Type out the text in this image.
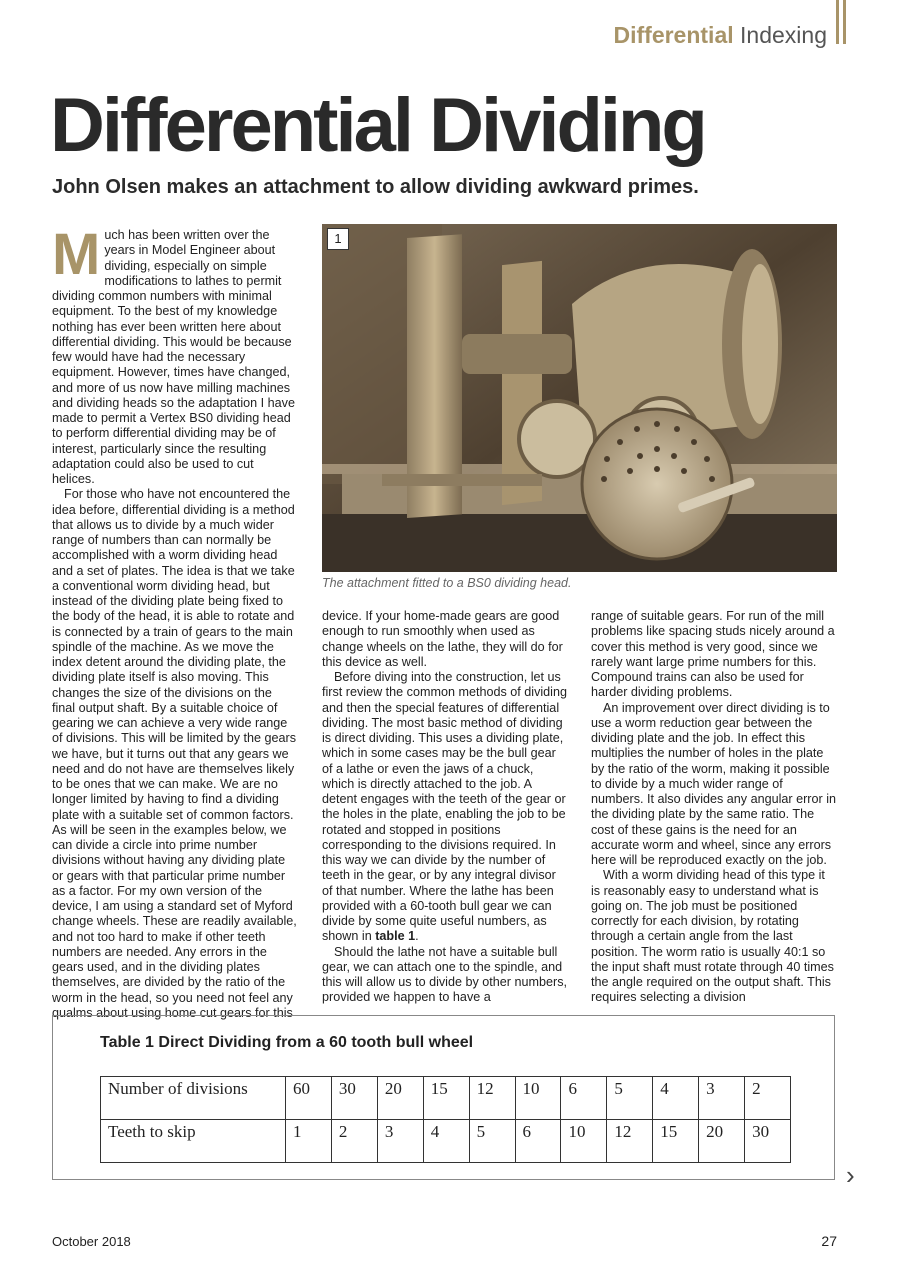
Differential Indexing
Differential Dividing
John Olsen makes an attachment to allow dividing awkward primes.

Much has been written over the years in Model Engineer about dividing, especially on simple modifications to lathes to permit dividing common numbers with minimal equipment. To the best of my knowledge nothing has ever been written here about differential dividing. This would be because few would have had the necessary equipment. However, times have changed, and more of us now have milling machines and dividing heads so the adaptation I have made to permit a Vertex BS0 dividing head to perform differential dividing may be of interest, particularly since the resulting adaptation could also be used to cut helices.

For those who have not encountered the idea before, differential dividing is a method that allows us to divide by a much wider range of numbers than can normally be accomplished with a worm dividing head and a set of plates. The idea is that we take a conventional worm dividing head, but instead of the dividing plate being fixed to the body of the head, it is able to rotate and is connected by a train of gears to the main spindle of the machine. As we move the index detent around the dividing plate, the dividing plate itself is also moving. This changes the size of the divisions on the final output shaft. By a suitable choice of gearing we can achieve a very wide range of divisions. This will be limited by the gears we have, but it turns out that any gears we need and do not have are themselves likely to be ones that we can make. We are no longer limited by having to find a dividing plate with a suitable set of common factors. As will be seen in the examples below, we can divide a circle into prime number divisions without having any dividing plate or gears with that particular prime number as a factor. For my own version of the device, I am using a standard set of Myford change wheels. These are readily available, and not too hard to make if other teeth numbers are needed. Any errors in the gears used, and in the dividing plates themselves, are divided by the ratio of the worm in the head, so you need not feel any qualms about using home cut gears for this

1
The attachment fitted to a BS0 dividing head.

device. If your home-made gears are good enough to run smoothly when used as change wheels on the lathe, they will do for this device as well.

Before diving into the construction, let us first review the common methods of dividing and then the special features of differential dividing. The most basic method of dividing is direct dividing. This uses a dividing plate, which in some cases may be the bull gear of a lathe or even the jaws of a chuck, which is directly attached to the job. A detent engages with the teeth of the gear or the holes in the plate, enabling the job to be rotated and stopped in positions corresponding to the divisions required. In this way we can divide by the number of teeth in the gear, or by any integral divisor of that number. Where the lathe has been provided with a 60-tooth bull gear we can divide by some quite useful numbers, as shown in table 1.

Should the lathe not have a suitable bull gear, we can attach one to the spindle, and this will allow us to divide by other numbers, provided we happen to have a

range of suitable gears. For run of the mill problems like spacing studs nicely around a cover this method is very good, since we rarely want large prime numbers for this. Compound trains can also be used for harder dividing problems.

An improvement over direct dividing is to use a worm reduction gear between the dividing plate and the job. In effect this multiplies the number of holes in the plate by the ratio of the worm, making it possible to divide by a much wider range of numbers. It also divides any angular error in the dividing plate by the same ratio. The cost of these gains is the need for an accurate worm and wheel, since any errors here will be reproduced exactly on the job.

With a worm dividing head of this type it is reasonably easy to understand what is going on. The job must be positioned correctly for each division, by rotating through a certain angle from the last position. The worm ratio is usually 40:1 so the input shaft must rotate through 40 times the angle required on the output shaft. This requires selecting a division

Table 1 Direct Dividing from a 60 tooth bull wheel
Number of divisions	60	30	20	15	12	10	6	5	4	3	2
Teeth to skip	1	2	3	4	5	6	10	12	15	20	30
›
October 2018	27
